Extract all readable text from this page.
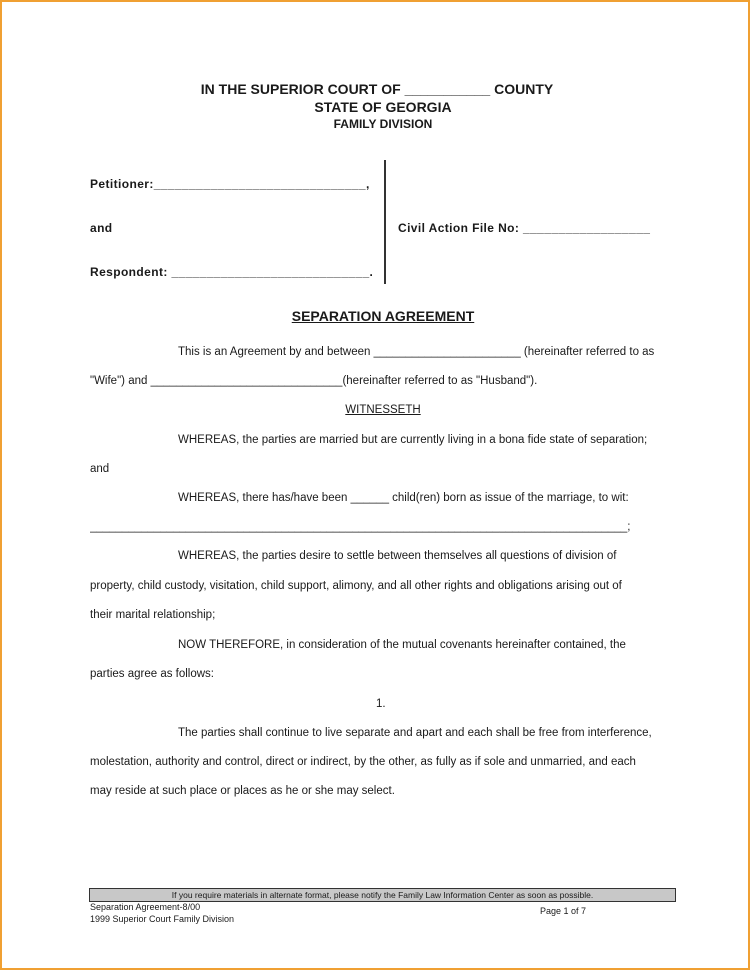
IN THE SUPERIOR COURT OF ___________ COUNTY
STATE OF GEORGIA
FAMILY DIVISION
Petitioner:______________________________,
and
Respondent: ____________________________.
Civil Action File No: __________________
SEPARATION AGREEMENT
This is an Agreement by and between _______________________ (hereinafter referred to as
"Wife") and ______________________________(hereinafter referred to as "Husband").
WITNESSETH
WHEREAS, the parties are married but are currently living in a bona fide state of separation;
and
WHEREAS, there has/have been ______ child(ren) born as issue of the marriage, to wit:
____________________________________________________________________________________;
WHEREAS, the parties desire to settle between themselves all questions of division of
property, child custody, visitation, child support, alimony, and all other rights and obligations arising out of
their marital relationship;
NOW THEREFORE, in consideration of the mutual covenants hereinafter contained, the
parties agree as follows:
1.
The parties shall continue to live separate and apart and each shall be free from interference,
molestation, authority and control, direct or indirect, by the other, as fully as if sole and unmarried, and each
may reside at such place or places as he or she may select.
If you require materials in alternate format, please notify the Family Law Information Center as soon as possible.
Separation Agreement-8/00
1999 Superior Court Family Division
Page 1 of 7
